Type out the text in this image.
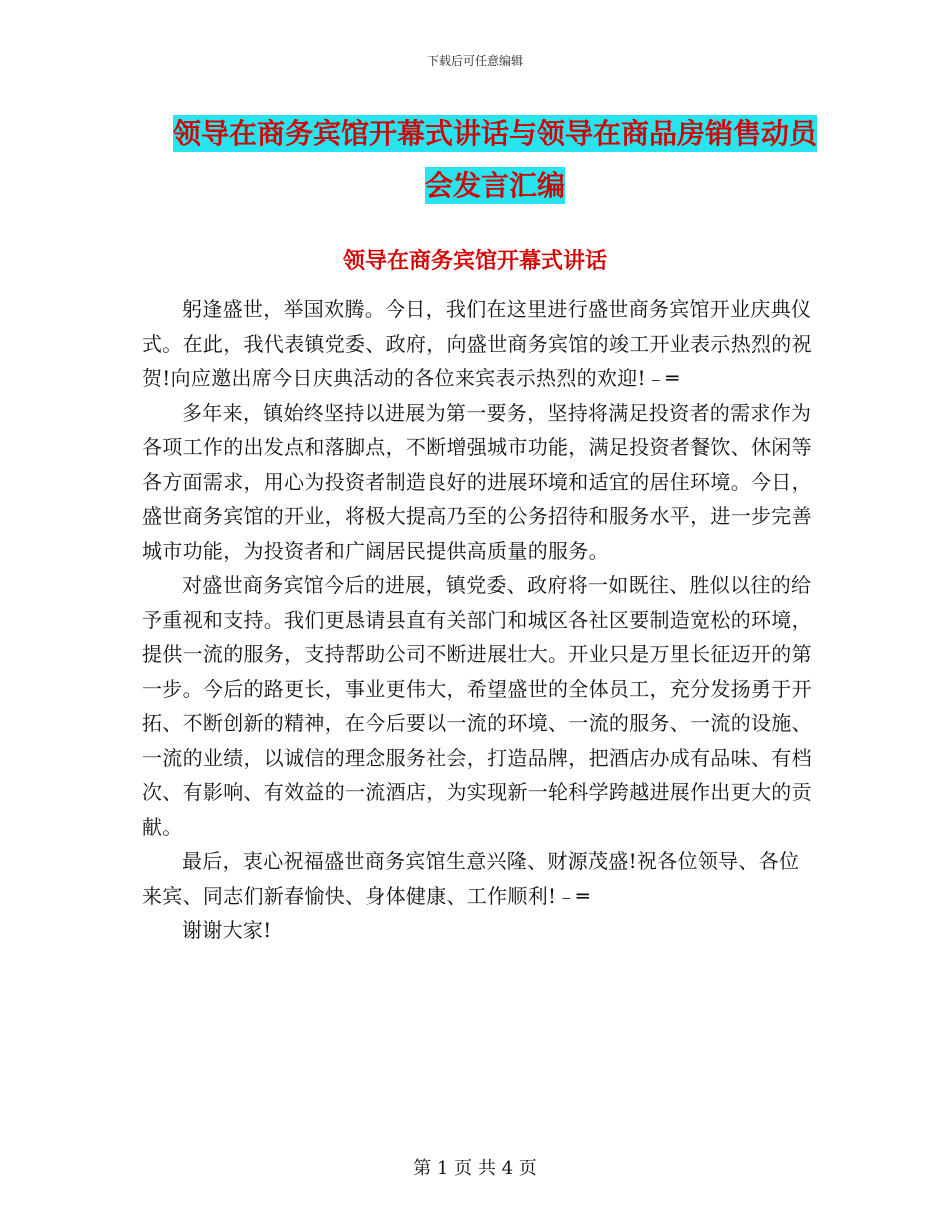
下载后可任意编辑
领导在商务宾馆开幕式讲话与领导在商品房销售动员
会发言汇编
领导在商务宾馆开幕式讲话

躬逢盛世，举国欢腾。今日，我们在这里进行盛世商务宾馆开业庆典仪式。在此，我代表镇党委、政府，向盛世商务宾馆的竣工开业表示热烈的祝贺!向应邀出席今日庆典活动的各位来宾表示热烈的欢迎!﹣═

多年来，镇始终坚持以进展为第一要务，坚持将满足投资者的需求作为各项工作的出发点和落脚点，不断增强城市功能，满足投资者餐饮、休闲等各方面需求，用心为投资者制造良好的进展环境和适宜的居住环境。今日，盛世商务宾馆的开业，将极大提高乃至的公务招待和服务水平，进一步完善城市功能，为投资者和广阔居民提供高质量的服务。

对盛世商务宾馆今后的进展，镇党委、政府将一如既往、胜似以往的给予重视和支持。我们更恳请县直有关部门和城区各社区要制造宽松的环境，提供一流的服务，支持帮助公司不断进展壮大。开业只是万里长征迈开的第一步。今后的路更长，事业更伟大，希望盛世的全体员工，充分发扬勇于开拓、不断创新的精神，在今后要以一流的环境、一流的服务、一流的设施、一流的业绩，以诚信的理念服务社会，打造品牌，把酒店办成有品味、有档次、有影响、有效益的一流酒店，为实现新一轮科学跨越进展作出更大的贡献。

最后，衷心祝福盛世商务宾馆生意兴隆、财源茂盛!祝各位领导、各位来宾、同志们新春愉快、身体健康、工作顺利!﹣═

谢谢大家!

第 1 页 共 4 页
